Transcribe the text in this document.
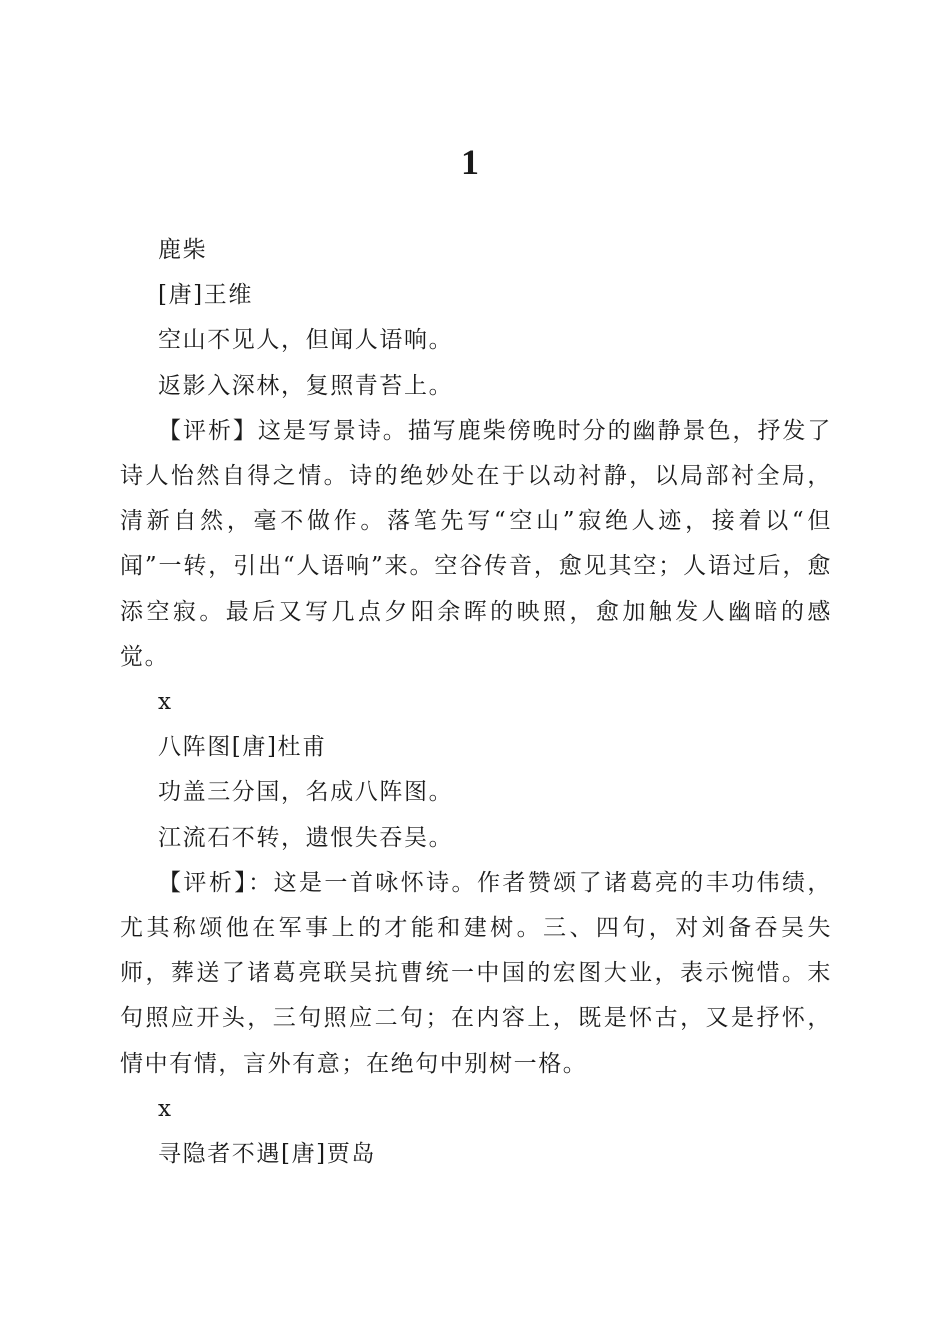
1

鹿柴

[唐]王维

空山不见人，但闻人语响。

返影入深林，复照青苔上。

【评析】这是写景诗。描写鹿柴傍晚时分的幽静景色，抒发了诗人怡然自得之情。诗的绝妙处在于以动衬静，以局部衬全局，清新自然，毫不做作。落笔先写“空山”寂绝人迹，接着以“但闻”一转，引出“人语响”来。空谷传音，愈见其空；人语过后，愈添空寂。最后又写几点夕阳余晖的映照，愈加触发人幽暗的感觉。

x

八阵图[唐]杜甫

功盖三分国，名成八阵图。

江流石不转，遗恨失吞吴。

【评析】：这是一首咏怀诗。作者赞颂了诸葛亮的丰功伟绩，尤其称颂他在军事上的才能和建树。三、四句，对刘备吞吴失师，葬送了诸葛亮联吴抗曹统一中国的宏图大业，表示惋惜。末句照应开头，三句照应二句；在内容上，既是怀古，又是抒怀，情中有情，言外有意；在绝句中别树一格。

x

寻隐者不遇[唐]贾岛
